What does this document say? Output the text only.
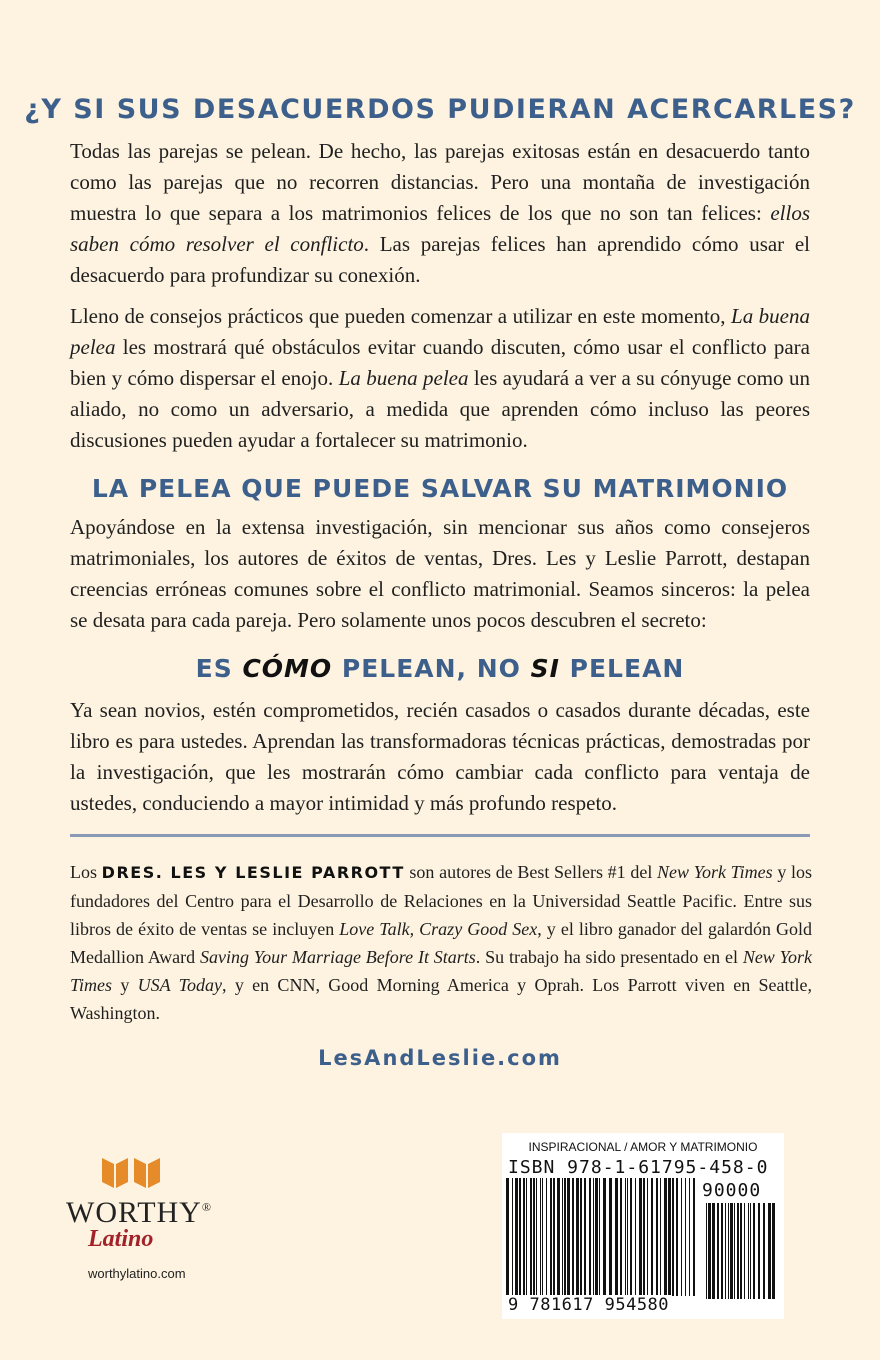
¿Y SI SUS DESACUERDOS PUDIERAN ACERCARLES?

Todas las parejas se pelean. De hecho, las parejas exitosas están en desacuerdo tanto como las parejas que no recorren distancias. Pero una montaña de investigación muestra lo que separa a los matrimonios felices de los que no son tan felices: ellos saben cómo resolver el conflicto. Las parejas felices han aprendido cómo usar el desacuerdo para profundizar su conexión.

Lleno de consejos prácticos que pueden comenzar a utilizar en este momento, La buena pelea les mostrará qué obstáculos evitar cuando discuten, cómo usar el conflicto para bien y cómo dispersar el enojo. La buena pelea les ayudará a ver a su cónyuge como un aliado, no como un adversario, a medida que aprenden cómo incluso las peores discusiones pueden ayudar a fortalecer su matrimonio.

LA PELEA QUE PUEDE SALVAR SU MATRIMONIO

Apoyándose en la extensa investigación, sin mencionar sus años como consejeros matrimoniales, los autores de éxitos de ventas, Dres. Les y Leslie Parrott, destapan creencias erróneas comunes sobre el conflicto matrimonial. Seamos sinceros: la pelea se desata para cada pareja. Pero solamente unos pocos descubren el secreto:

ES CÓMO PELEAN, NO SI PELEAN

Ya sean novios, estén comprometidos, recién casados o casados durante décadas, este libro es para ustedes. Aprendan las transformadoras técnicas prácticas, demostradas por la investigación, que les mostrarán cómo cambiar cada conflicto para ventaja de ustedes, conduciendo a mayor intimidad y más profundo respeto.

Los DRES. LES Y LESLIE PARROTT son autores de Best Sellers #1 del New York Times y los fundadores del Centro para el Desarrollo de Relaciones en la Universidad Seattle Pacific. Entre sus libros de éxito de ventas se incluyen Love Talk, Crazy Good Sex, y el libro ganador del galardón Gold Medallion Award Saving Your Marriage Before It Starts. Su trabajo ha sido presentado en el New York Times y USA Today, y en CNN, Good Morning America y Oprah. Los Parrott viven en Seattle, Washington.

LesAndLeslie.com
WORTHY®
Latino
worthylatino.com
INSPIRACIONAL / AMOR Y MATRIMONIO
ISBN 978-1-61795-458-0
90000
9 781617 954580
